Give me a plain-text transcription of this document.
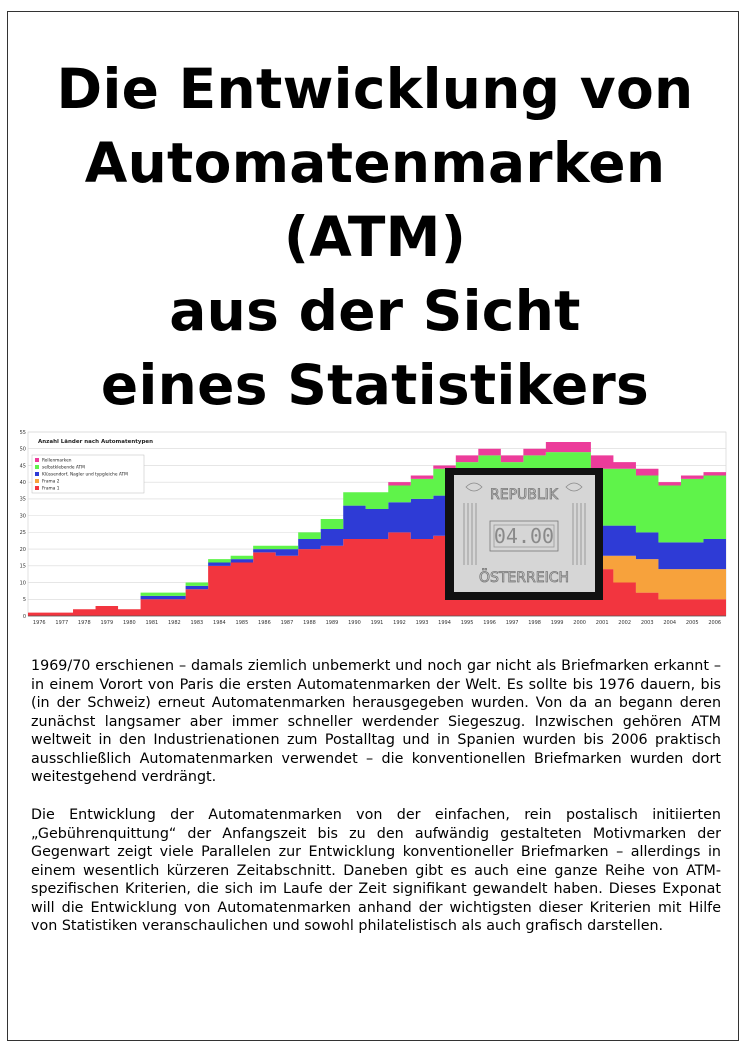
Die Entwicklung von
Automatenmarken
(ATM)
aus der Sicht
eines Statistikers
0
5
10
15
20
25
30
35
40
45
50
55
1976 1977 1978 1979 1980 1981 1982 1983 1984 1985 1986 1987 1988 1989 1990 1991 1992 1993 1994 1995 1996 1997 1998 1999 2000 2001 2002 2003 2004 2005 2006
Anzahl Länder nach Automatentypen
Rollenmarken
selbstklebende ATM
Klüssendorf, Nagler und typgleiche ATM
Frama 2
Frama 1	REPUBLIK
04.00
ÖSTERREICH
1969/70 erschienen – damals ziemlich unbemerkt und noch gar nicht als Briefmarken erkannt – in einem Vorort von Paris die ersten Automatenmarken der Welt. Es sollte bis 1976 dauern, bis (in der Schweiz) erneut Automatenmarken herausgegeben wurden. Von da an begann deren zunächst langsamer aber immer schneller werdender Siegeszug. Inzwischen gehören ATM weltweit in den Industrienationen zum Postalltag und in Spanien wurden bis 2006 praktisch ausschließlich Automatenmarken verwendet – die konventionellen Briefmarken wurden dort weitestgehend verdrängt.
Die Entwicklung der Automatenmarken von der einfachen, rein postalisch initiierten „Gebührenquittung“ der Anfangszeit bis zu den aufwändig gestalteten Motivmarken der Gegenwart zeigt viele Parallelen zur Entwicklung konventioneller Briefmarken – allerdings in einem wesentlich kürzeren Zeitabschnitt. Daneben gibt es auch eine ganze Reihe von ATM-spezifischen Kriterien, die sich im Laufe der Zeit signifikant gewandelt haben. Dieses Exponat will die Entwicklung von Automatenmarken anhand der wichtigsten dieser Kriterien mit Hilfe von Statistiken veranschaulichen und sowohl philatelistisch als auch grafisch darstellen.
